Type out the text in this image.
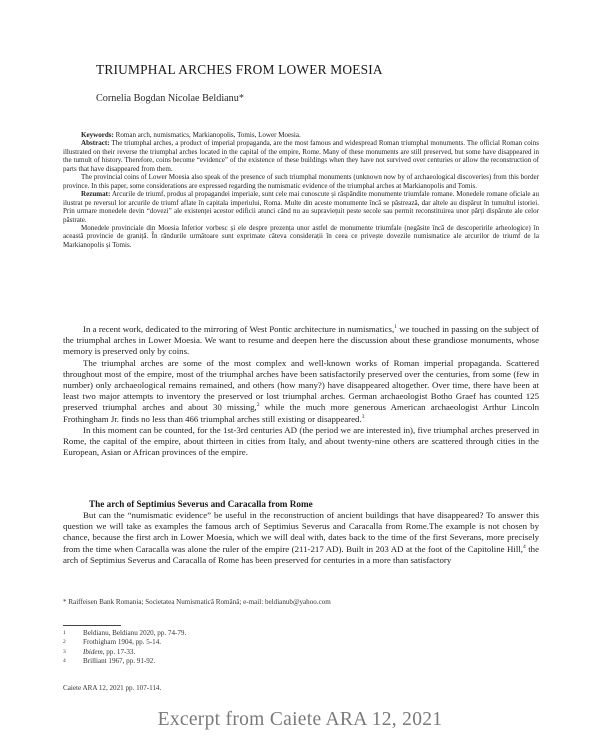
TRIUMPHAL ARCHES FROM LOWER MOESIA
Cornelia Bogdan Nicolae Beldianu*

Keywords: Roman arch, numismatics, Markianopolis, Tomis, Lower Moesia.

Abstract: The triumphal arches, a product of imperial propaganda, are the most famous and widespread Roman triumphal monuments. The official Roman coins illustrated on their reverse the triumphal arches located in the capital of the empire, Rome. Many of these monuments are still preserved, but some have disappeared in the tumult of history. Therefore, coins become “evidence” of the existence of these buildings when they have not survived over centuries or allow the reconstruction of parts that have disappeared from them.

The provincial coins of Lower Moesia also speak of the presence of such triumphal monuments (unknown now by of archaeological discoveries) from this border province. In this paper, some considerations are expressed regarding the numismatic evidence of the triumphal arches at Markianopolis and Tomis.

Rezumat: Arcurile de triumf, produs al propagandei imperiale, sunt cele mai cunoscute și răspândite monumente triumfale romane. Monedele romane oficiale au ilustrat pe reversul lor arcurile de triumf aflate în capitala imperiului, Roma. Multe din aceste monumente încă se păstrează, dar altele au dispărut în tumultul istoriei. Prin urmare monedele devin “dovezi” ale existenței acestor edificii atunci când nu au supraviețuit peste secole sau permit reconstituirea unor părți dispărute ale celor păstrate.

Monedele provinciale din Moesia Inferior vorbesc și ele despre prezența unor astfel de monumente triumfale (negăsite încă de descoperirile arheologice) în această provincie de graniță. În rândurile următoare sunt exprimate câteva considerații în ceea ce privește dovezile numismatice ale arcurilor de triumf de la Markianopolis și Tomis.

In a recent work, dedicated to the mirroring of West Pontic architecture in numismatics,$^1$ we touched in passing on the subject of the triumphal arches in Lower Moesia. We want to resume and deepen here the discussion about these grandiose monuments, whose memory is preserved only by coins.

The triumphal arches are some of the most complex and well-known works of Roman imperial propaganda. Scattered throughout most of the empire, most of the triumphal arches have been satisfactorily preserved over the centuries, from some (few in number) only archaeological remains remained, and others (how many?) have disappeared altogether. Over time, there have been at least two major attempts to inventory the preserved or lost triumphal arches. German archaeologist Botho Graef has counted 125 preserved triumphal arches and about 30 missing,$^2$ while the much more generous American archaeologist Arthur Lincoln Frothingham Jr. finds no less than 466 triumphal arches still existing or disappeared.$^3$

In this moment can be counted, for the 1st-3rd centuries AD (the period we are interested in), five triumphal arches preserved in Rome, the capital of the empire, about thirteen in cities from Italy, and about twenty-nine others are scattered through cities in the European, Asian or African provinces of the empire.

The arch of Septimius Severus and Caracalla from Rome

But can the “numismatic evidence” be useful in the reconstruction of ancient buildings that have disappeared? To answer this question we will take as examples the famous arch of Septimius Severus and Caracalla from Rome.The example is not chosen by chance, because the first arch in Lower Moesia, which we will deal with, dates back to the time of the first Severans, more precisely from the time when Caracalla was alone the ruler of the empire (211-217 AD). Built in 203 AD at the foot of the Capitoline Hill,$^4$ the arch of Septimius Severus and Caracalla of Rome has been preserved for centuries in a more than satisfactory

* Raiffeisen Bank Romania; Societatea Numismatică Română; e-mail: beldianub@yahoo.com
1	Beldianu, Beldianu 2020, pp. 74-79.
2	Frothigham 1904, pp. 5-14.
3	Ibidem, pp. 17-33.
4	Brilliant 1967, pp. 91-92.
Caiete ARA 12, 2021 pp. 107-114.
Excerpt from Caiete ARA 12, 2021
